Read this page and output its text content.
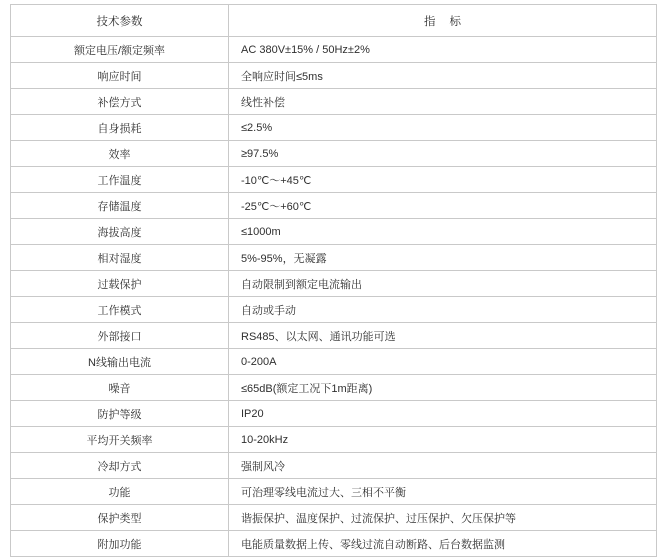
技术参数	指 标
额定电压/额定频率	AC 380V±15% / 50Hz±2%
响应时间	全响应时间≤5ms
补偿方式	线性补偿
自身损耗	≤2.5%
效率	≥97.5%
工作温度	-10℃～+45℃
存储温度	-25℃～+60℃
海拔高度	≤1000m
相对湿度	5%-95%，无凝露
过载保护	自动限制到额定电流输出
工作模式	自动或手动
外部接口	RS485、以太网、通讯功能可选
N线输出电流	0-200A
噪音	≤65dB(额定工况下1m距离)
防护等级	IP20
平均开关频率	10-20kHz
冷却方式	强制风冷
功能	可治理零线电流过大、三相不平衡
保护类型	谐振保护、温度保护、过流保护、过压保护、欠压保护等
附加功能	电能质量数据上传、零线过流自动断路、后台数据监测
